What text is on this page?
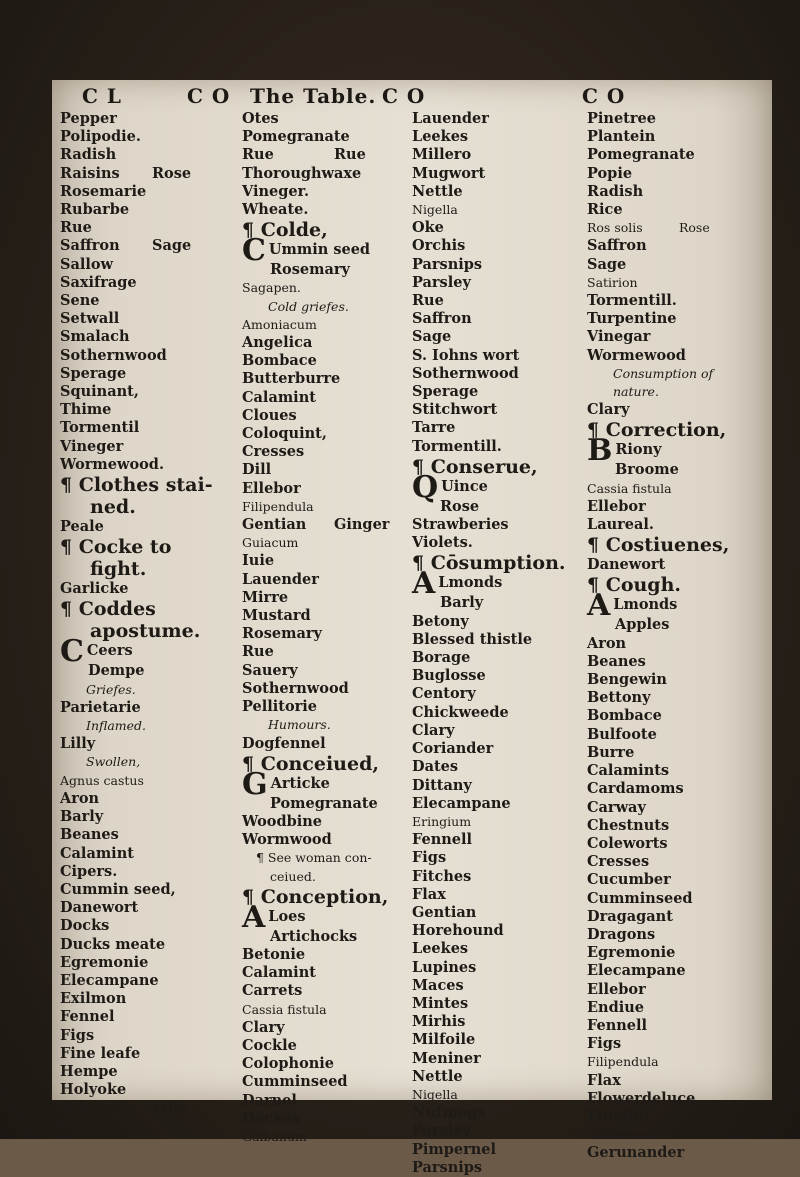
C L	C O The Table. C O	C O
Pepper
Polipodie.
Radish
Raisins Rose
Rosemarie
Rubarbe
Rue
Saffron Sage
Sallow
Saxifrage
Sene
Setwall
Smalach
Sothernwood
Sperage
Squinant,
Thime
Tormentil
Vineger
Wormewood.
¶ Clothes stai-
ned.
Peale
¶ Cocke to
fight.
Garlicke
¶ Coddes
apostume.
C Ceers
Dempe
Griefes.
Parietarie
Inflamed.
Lilly
Swollen,
Agnus castus
Aron
Barly
Beanes
Calamint
Cipers.
Cummin seed,
Danewort
Docks
Ducks meate
Egremonie
Elecampane
Exilmon
Fennel
Figs
Fine leafe
Hempe
Holyoke
Horstaile Lilly
Oliue
Otes
Pomegranate
Rue	Rue
Thoroughwaxe
Vineger.
Wheate.
¶ Colde,
C Ummin seed
Rosemary
Sagapen.
Cold griefes.
Amoniacum
Angelica
Bombace
Butterburre
Calamint
Cloues
Coloquint,
Cresses
Dill
Ellebor
Filipendula
Gentian Ginger
Guiacum
Iuie
Lauender
Mirre
Mustard
Rosemary
Rue
Sauery
Sothernwood
Pellitorie
Humours.
Dogfennel
¶ Conceiued,
G Articke
Pomegranate
Woodbine
Wormwood
¶ See woman con-
ceiued.
¶ Conception,
A Loes
Artichocks
Betonie
Calamint
Carrets
Cassia fistula
Clary
Cockle
Colophonie
Cumminseed
Darnel
Dockes
Galbanum
Lauender
Leekes
Millero
Mugwort
Nettle
Nigella
Oke
Orchis
Parsnips
Parsley
Rue
Saffron
Sage
S. Iohns wort
Sothernwood
Sperage
Stitchwort
Tarre
Tormentill.
¶ Conserue,
Q Uince
Rose
Strawberies
Violets.
¶ Cōsumption.
A Lmonds
Barly
Betony
Blessed thistle
Borage
Buglosse
Centory
Chickweede
Clary
Coriander
Dates
Dittany
Elecampane
Eringium
Fennell
Figs
Fitches
Flax
Gentian
Horehound
Leekes
Lupines
Maces
Mintes
Mirhis
Milfoile
Meniner
Nettle
Nigella
Nutmegs
Parsley
Pimpernel
Parsnips
Pinetree
Plantein
Pomegranate
Popie
Radish
Rice
Ros solis	Rose
Saffron
Sage
Satirion
Tormentill.
Turpentine
Vinegar
Wormewood
Consumption of
nature.
Clary
¶ Correction,
B Riony
Broome
Cassia fistula
Ellebor
Laureal.
¶ Costiuenes,
Danewort
¶ Cough.
A Lmonds
Apples
Aron
Beanes
Bengewin
Bettony
Bombace
Bulfoote
Burre
Calamints
Cardamoms
Carway
Chestnuts
Coleworts
Cresses
Cucumber
Cumminseed
Dragagant
Dragons
Egremonie
Elecampane
Ellebor
Endiue
Fennell
Figs
Filipendula
Flax
Flowerdeluce
Fluellin
Galbanum
Gerunander
